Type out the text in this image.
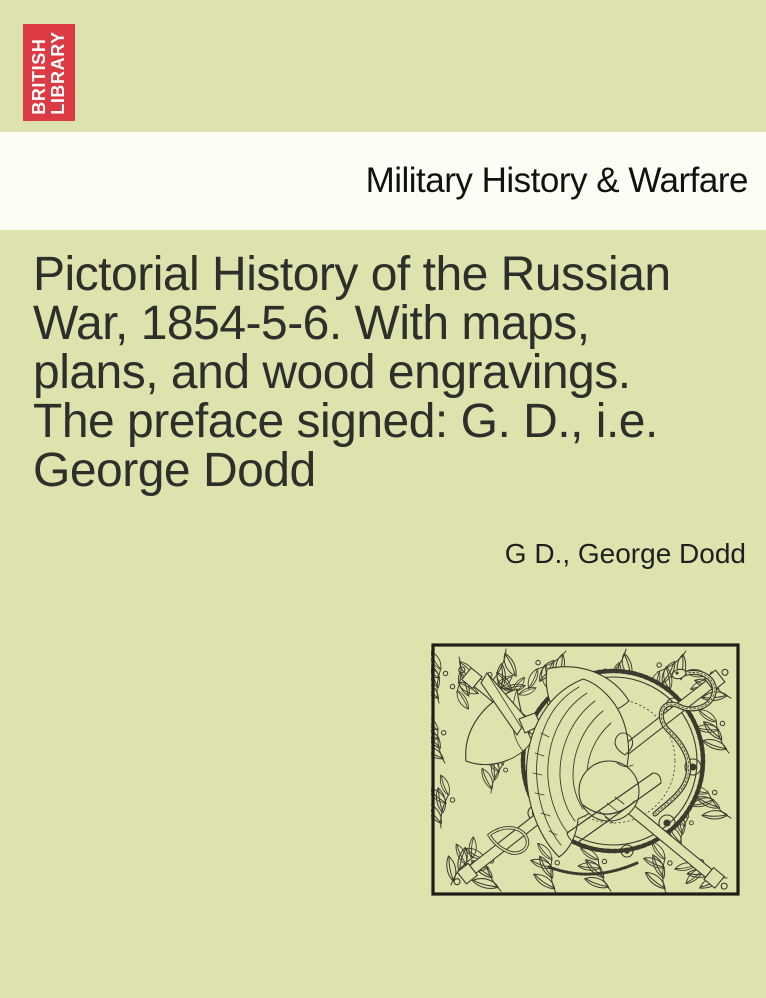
BRITISH LIBRARY
Military History & Warfare
Pictorial History of the Russian
War, 1854-5-6. With maps,
plans, and wood engravings.
The preface signed: G. D., i.e.
George Dodd
G D., George Dodd
